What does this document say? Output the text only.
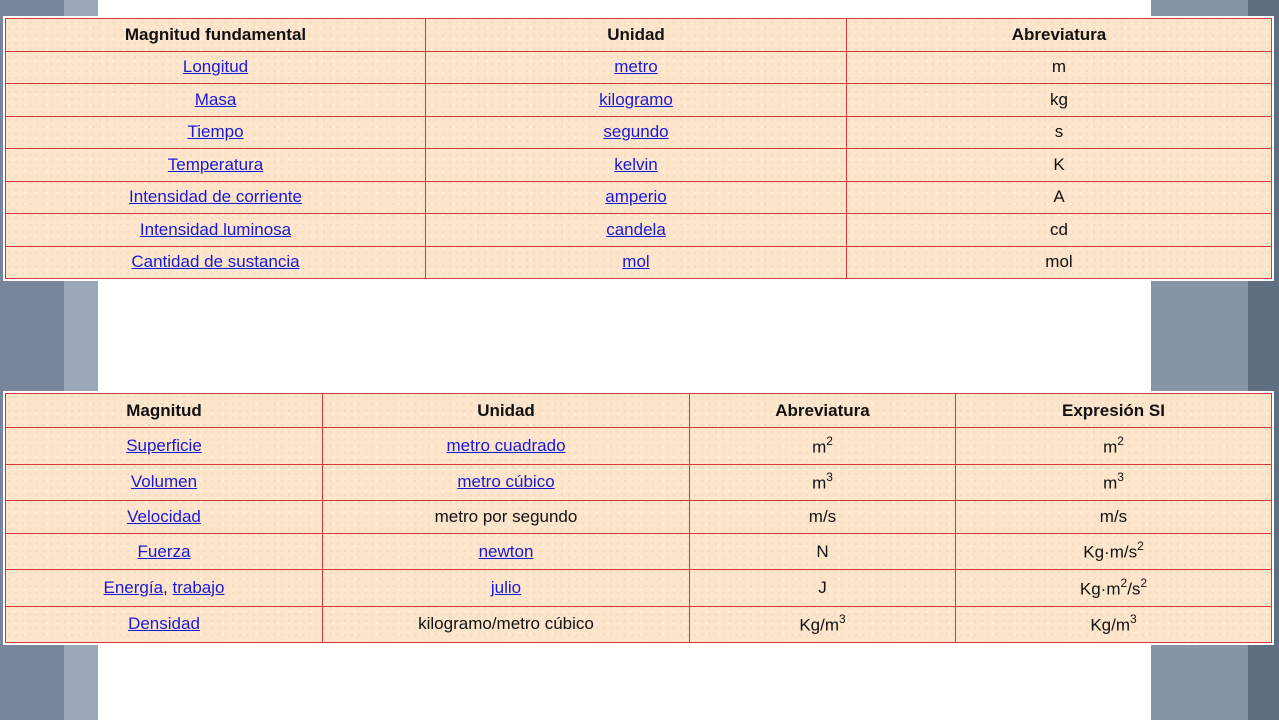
Magnitud fundamental	Unidad	Abreviatura
Longitud	metro	m
Masa	kilogramo	kg
Tiempo	segundo	s
Temperatura	kelvin	K
Intensidad de corriente	amperio	A
Intensidad luminosa	candela	cd
Cantidad de sustancia	mol	mol
Magnitud	Unidad	Abreviatura	Expresión SI
Superficie	metro cuadrado	$m^2$	$m^2$
Volumen	metro cúbico	$m^3$	$m^3$
Velocidad	metro por segundo	m/s	m/s
Fuerza	newton	N	$Kg\cdot m/s^2$
Energía, trabajo	julio	J	$Kg\cdot m^2/s^2$
Densidad	kilogramo/metro cúbico	$Kg/m^3$	$Kg/m^3$
